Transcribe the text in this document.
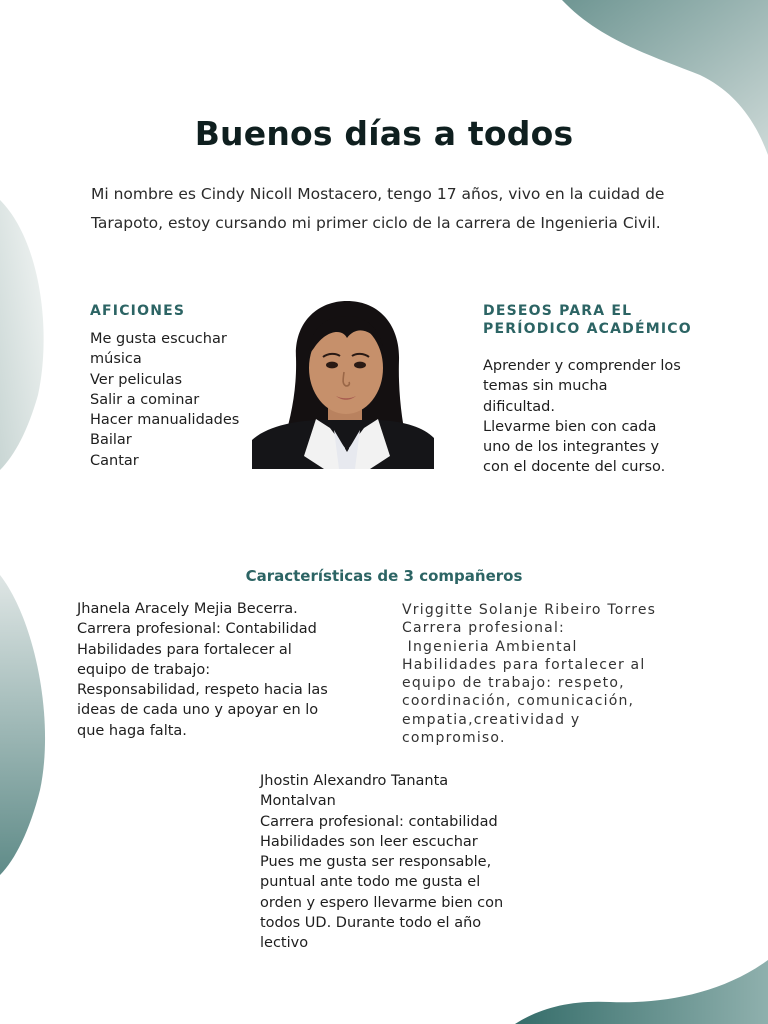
Buenos días a todos

Mi nombre es Cindy Nicoll Mostacero, tengo 17 años, vivo en la cuidad de Tarapoto, estoy cursando mi primer ciclo de la carrera de Ingenieria Civil.

AFICIONES
Me gusta escuchar música
Ver peliculas
Salir a cominar
Hacer manualidades
Bailar
Cantar
DESEOS PARA EL PERÍODICO ACADÉMICO
Aprender y comprender los temas sin mucha dificultad.
Llevarme bien con cada uno de los integrantes y con el docente del curso.
Características de 3 compañeros
Jhanela Aracely Mejia Becerra.
Carrera profesional: Contabilidad
Habilidades para fortalecer al equipo de trabajo:
Responsabilidad, respeto hacia las ideas de cada uno y apoyar en lo que haga falta.
Vriggitte Solanje Ribeiro Torres
Carrera profesional:
Ingenieria Ambiental
Habilidades para fortalecer al equipo de trabajo: respeto, coordinación, comunicación, empatia,creatividad y compromiso.
Jhostin Alexandro Tananta Montalvan
Carrera profesional: contabilidad
Habilidades son leer escuchar
Pues me gusta ser responsable, puntual ante todo me gusta el orden y espero llevarme bien con todos UD. Durante todo el año lectivo
